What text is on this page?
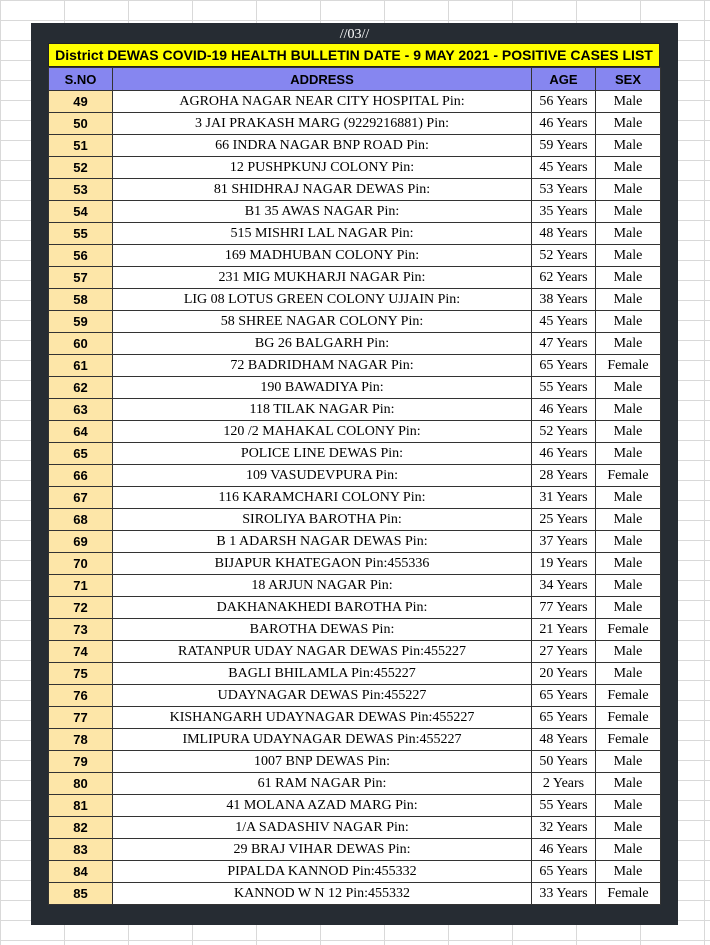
//03//
District DEWAS COVID-19 HEALTH BULLETIN DATE - 9 MAY 2021 - POSITIVE CASES LIST
S.NO	ADDRESS	AGE	SEX
49	AGROHA NAGAR NEAR CITY HOSPITAL Pin:	56 Years	Male
50	3 JAI PRAKASH MARG (9229216881) Pin:	46 Years	Male
51	66 INDRA NAGAR BNP ROAD Pin:	59 Years	Male
52	12 PUSHPKUNJ COLONY Pin:	45 Years	Male
53	81 SHIDHRAJ NAGAR DEWAS Pin:	53 Years	Male
54	B1 35 AWAS NAGAR Pin:	35 Years	Male
55	515 MISHRI LAL NAGAR Pin:	48 Years	Male
56	169 MADHUBAN COLONY Pin:	52 Years	Male
57	231 MIG MUKHARJI NAGAR Pin:	62 Years	Male
58	LIG 08 LOTUS GREEN COLONY UJJAIN Pin:	38 Years	Male
59	58 SHREE NAGAR COLONY Pin:	45 Years	Male
60	BG 26 BALGARH Pin:	47 Years	Male
61	72 BADRIDHAM NAGAR Pin:	65 Years	Female
62	190 BAWADIYA Pin:	55 Years	Male
63	118 TILAK NAGAR Pin:	46 Years	Male
64	120 /2 MAHAKAL COLONY Pin:	52 Years	Male
65	POLICE LINE DEWAS Pin:	46 Years	Male
66	109 VASUDEVPURA Pin:	28 Years	Female
67	116 KARAMCHARI COLONY Pin:	31 Years	Male
68	SIROLIYA BAROTHA Pin:	25 Years	Male
69	B 1 ADARSH NAGAR DEWAS Pin:	37 Years	Male
70	BIJAPUR KHATEGAON Pin:455336	19 Years	Male
71	18 ARJUN NAGAR Pin:	34 Years	Male
72	DAKHANAKHEDI BAROTHA Pin:	77 Years	Male
73	BAROTHA DEWAS Pin:	21 Years	Female
74	RATANPUR UDAY NAGAR DEWAS Pin:455227	27 Years	Male
75	BAGLI BHILAMLA Pin:455227	20 Years	Male
76	UDAYNAGAR DEWAS Pin:455227	65 Years	Female
77	KISHANGARH UDAYNAGAR DEWAS Pin:455227	65 Years	Female
78	IMLIPURA UDAYNAGAR DEWAS Pin:455227	48 Years	Female
79	1007 BNP DEWAS Pin:	50 Years	Male
80	61 RAM NAGAR Pin:	2 Years	Male
81	41 MOLANA AZAD MARG Pin:	55 Years	Male
82	1/A SADASHIV NAGAR Pin:	32 Years	Male
83	29 BRAJ VIHAR DEWAS Pin:	46 Years	Male
84	PIPALDA KANNOD Pin:455332	65 Years	Male
85	KANNOD W N 12 Pin:455332	33 Years	Female
